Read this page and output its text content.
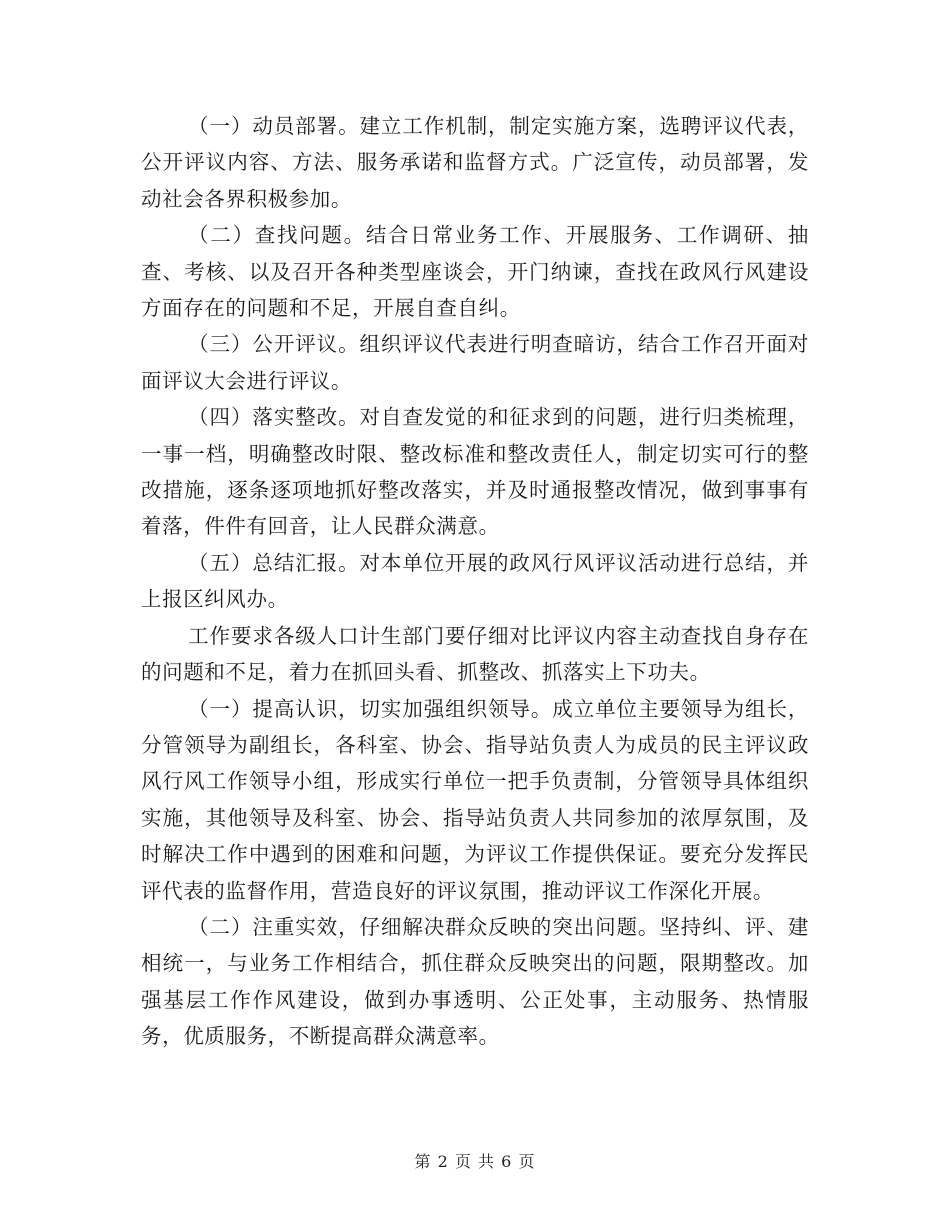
（一）动员部署。建立工作机制，制定实施方案，选聘评议代表，公开评议内容、方法、服务承诺和监督方式。广泛宣传，动员部署，发动社会各界积极参加。

（二）查找问题。结合日常业务工作、开展服务、工作调研、抽查、考核、以及召开各种类型座谈会，开门纳谏，查找在政风行风建设方面存在的问题和不足，开展自查自纠。

（三）公开评议。组织评议代表进行明查暗访，结合工作召开面对面评议大会进行评议。

（四）落实整改。对自查发觉的和征求到的问题，进行归类梳理，一事一档，明确整改时限、整改标准和整改责任人，制定切实可行的整改措施，逐条逐项地抓好整改落实，并及时通报整改情况，做到事事有着落，件件有回音，让人民群众满意。

（五）总结汇报。对本单位开展的政风行风评议活动进行总结，并上报区纠风办。

工作要求各级人口计生部门要仔细对比评议内容主动查找自身存在的问题和不足，着力在抓回头看、抓整改、抓落实上下功夫。

（一）提高认识，切实加强组织领导。成立单位主要领导为组长，分管领导为副组长，各科室、协会、指导站负责人为成员的民主评议政风行风工作领导小组，形成实行单位一把手负责制，分管领导具体组织实施，其他领导及科室、协会、指导站负责人共同参加的浓厚氛围，及时解决工作中遇到的困难和问题，为评议工作提供保证。要充分发挥民评代表的监督作用，营造良好的评议氛围，推动评议工作深化开展。

（二）注重实效，仔细解决群众反映的突出问题。坚持纠、评、建相统一，与业务工作相结合，抓住群众反映突出的问题，限期整改。加强基层工作作风建设，做到办事透明、公正处事，主动服务、热情服务，优质服务，不断提高群众满意率。

第 2 页 共 6 页
